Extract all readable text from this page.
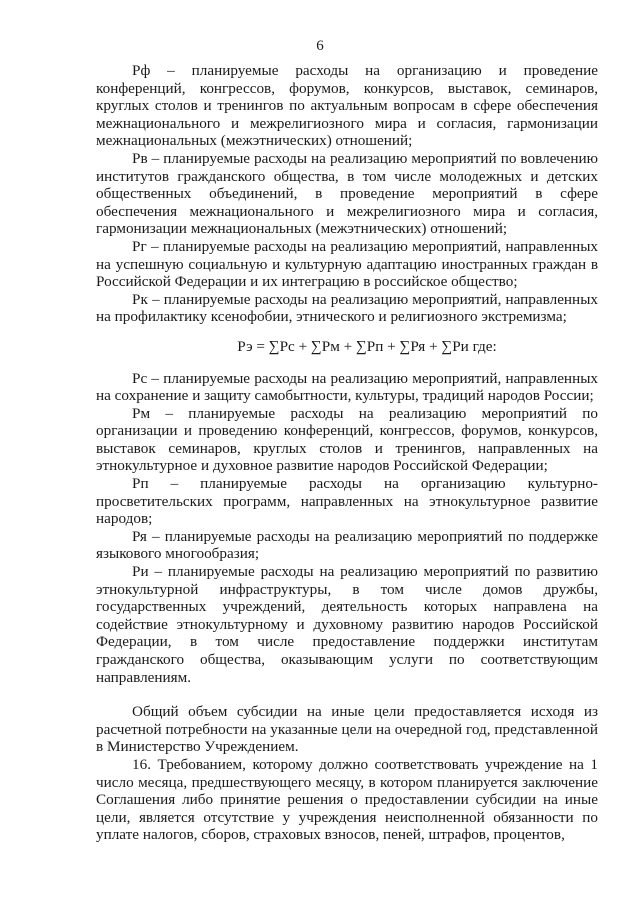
6

Рф – планируемые расходы на организацию и проведение конференций, конгрессов, форумов, конкурсов, выставок, семинаров, круглых столов и тренингов по актуальным вопросам в сфере обеспечения межнационального и межрелигиозного мира и согласия, гармонизации межнациональных (межэтнических) отношений;

Рв – планируемые расходы на реализацию мероприятий по вовлечению институтов гражданского общества, в том числе молодежных и детских общественных объединений, в проведение мероприятий в сфере обеспечения межнационального и межрелигиозного мира и согласия, гармонизации межнациональных (межэтнических) отношений;

Рг – планируемые расходы на реализацию мероприятий, направленных на успешную социальную и культурную адаптацию иностранных граждан в Российской Федерации и их интеграцию в российское общество;

Рк – планируемые расходы на реализацию мероприятий, направленных на профилактику ксенофобии, этнического и религиозного экстремизма;

Рэ = ∑Рс + ∑Рм + ∑Рп + ∑Ря + ∑Ри где:

Рс – планируемые расходы на реализацию мероприятий, направленных на сохранение и защиту самобытности, культуры, традиций народов России;

Рм – планируемые расходы на реализацию мероприятий по организации и проведению конференций, конгрессов, форумов, конкурсов, выставок семинаров, круглых столов и тренингов, направленных на этнокультурное и духовное развитие народов Российской Федерации;

Рп – планируемые расходы на организацию культурно-просветительских программ, направленных на этнокультурное развитие народов;

Ря – планируемые расходы на реализацию мероприятий по поддержке языкового многообразия;

Ри – планируемые расходы на реализацию мероприятий по развитию этнокультурной инфраструктуры, в том числе домов дружбы, государственных учреждений, деятельность которых направлена на содействие этнокультурному и духовному развитию народов Российской Федерации, в том числе предоставление поддержки институтам гражданского общества, оказывающим услуги по соответствующим направлениям.

Общий объем субсидии на иные цели предоставляется исходя из расчетной потребности на указанные цели на очередной год, представленной в Министерство Учреждением.

16. Требованием, которому должно соответствовать учреждение на 1 число месяца, предшествующего месяцу, в котором планируется заключение Соглашения либо принятие решения о предоставлении субсидии на иные цели, является отсутствие у учреждения неисполненной обязанности по уплате налогов, сборов, страховых взносов, пеней, штрафов, процентов,
